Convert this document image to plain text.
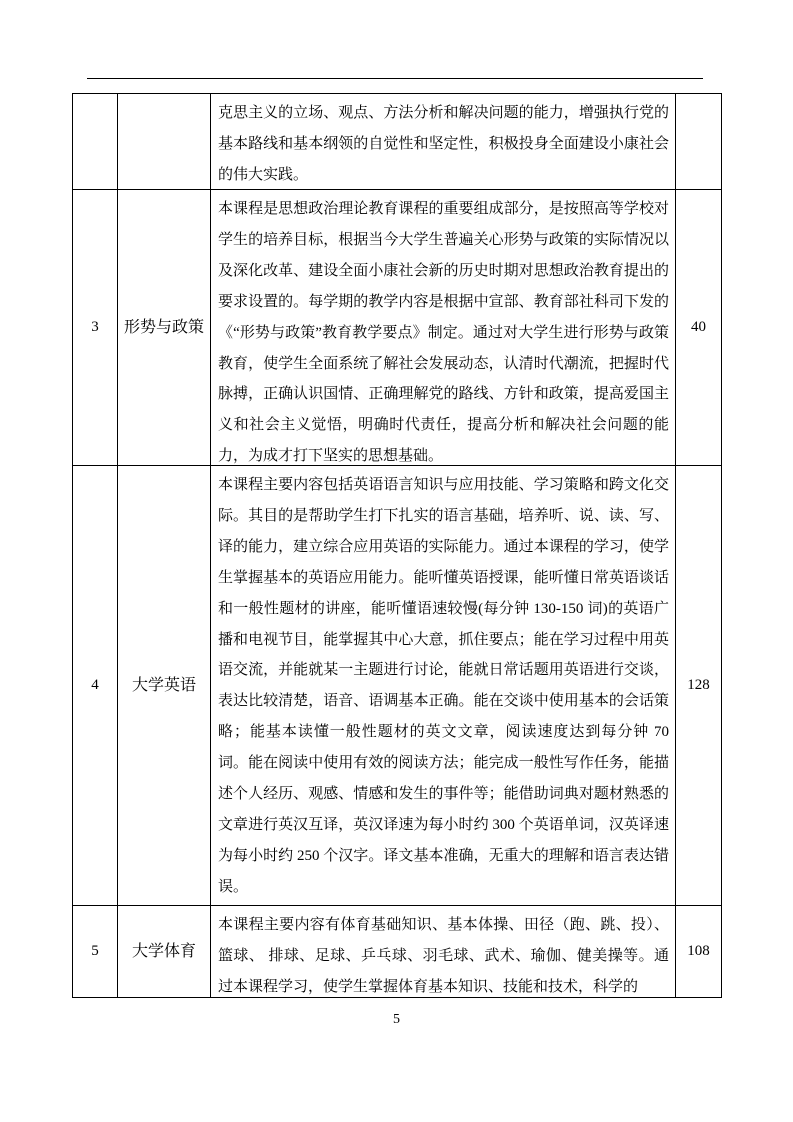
		克思主义的立场、观点、方法分析和解决问题的能力，增强执行党的基本路线和基本纲领的自觉性和坚定性，积极投身全面建设小康社会的伟大实践。	

3	形势与政策	本课程是思想政治理论教育课程的重要组成部分，是按照高等学校对学生的培养目标，根据当今大学生普遍关心形势与政策的实际情况以及深化改革、建设全面小康社会新的历史时期对思想政治教育提出的要求设置的。每学期的教学内容是根据中宣部、教育部社科司下发的《“形势与政策”教育教学要点》制定。通过对大学生进行形势与政策教育，使学生全面系统了解社会发展动态，认清时代潮流，把握时代脉搏，正确认识国情、正确理解党的路线、方针和政策，提高爱国主义和社会主义觉悟，明确时代责任，提高分析和解决社会问题的能力，为成才打下坚实的思想基础。	40
4	大学英语	本课程主要内容包括英语语言知识与应用技能、学习策略和跨文化交际。其目的是帮助学生打下扎实的语言基础，培养听、说、读、写、译的能力，建立综合应用英语的实际能力。通过本课程的学习，使学生掌握基本的英语应用能力。能听懂英语授课，能听懂日常英语谈话和一般性题材的讲座，能听懂语速较慢(每分钟 130-150 词)的英语广播和电视节目，能掌握其中心大意，抓住要点；能在学习过程中用英语交流，并能就某一主题进行讨论，能就日常话题用英语进行交谈，表达比较清楚，语音、语调基本正确。能在交谈中使用基本的会话策略；能基本读懂一般性题材的英文文章，阅读速度达到每分钟 70 词。能在阅读中使用有效的阅读方法；能完成一般性写作任务，能描述个人经历、观感、情感和发生的事件等；能借助词典对题材熟悉的文章进行英汉互译，英汉译速为每小时约 300 个英语单词，汉英译速为每小时约 250 个汉字。译文基本准确，无重大的理解和语言表达错误。	128
5	大学体育	本课程主要内容有体育基础知识、基本体操、田径（跑、跳、投）、篮球、 排球、足球、乒乓球、羽毛球、武术、瑜伽、健美操等。通过本课程学习，使学生掌握体育基本知识、技能和技术，科学的	108
5
